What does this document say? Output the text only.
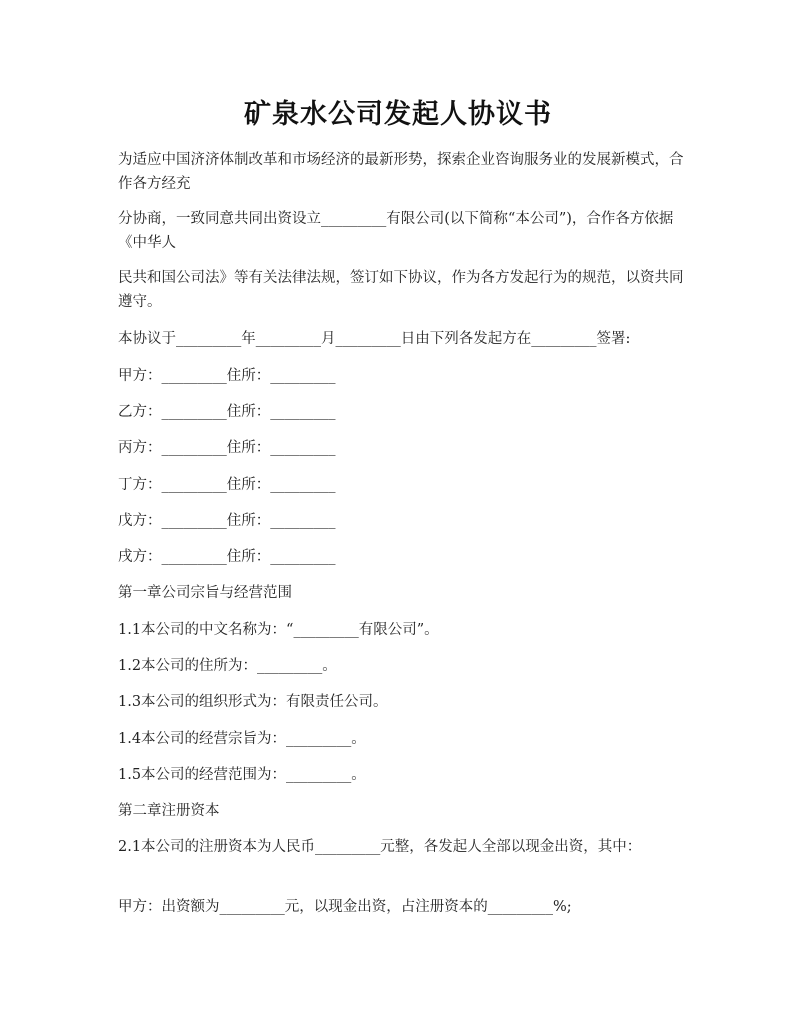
矿泉水公司发起人协议书

为适应中国济济体制改革和市场经济的最新形势，探索企业咨询服务业的发展新模式，合作各方经充

分协商，一致同意共同出资设立_________有限公司(以下简称“本公司”)，合作各方依据《中华人

民共和国公司法》等有关法律法规，签订如下协议，作为各方发起行为的规范，以资共同遵守。

本协议于_________年_________月_________日由下列各发起方在_________签署:

甲方：_________住所：_________

乙方：_________住所：_________

丙方：_________住所：_________

丁方：_________住所：_________

戊方：_________住所：_________

戌方：_________住所：_________

第一章公司宗旨与经营范围

1.1本公司的中文名称为：“_________有限公司”。

1.2本公司的住所为：_________。

1.3本公司的组织形式为：有限责任公司。

1.4本公司的经营宗旨为：_________。

1.5本公司的经营范围为：_________。

第二章注册资本

2.1本公司的注册资本为人民币_________元整，各发起人全部以现金出资，其中：

甲方：出资额为_________元，以现金出资，占注册资本的_________%;
